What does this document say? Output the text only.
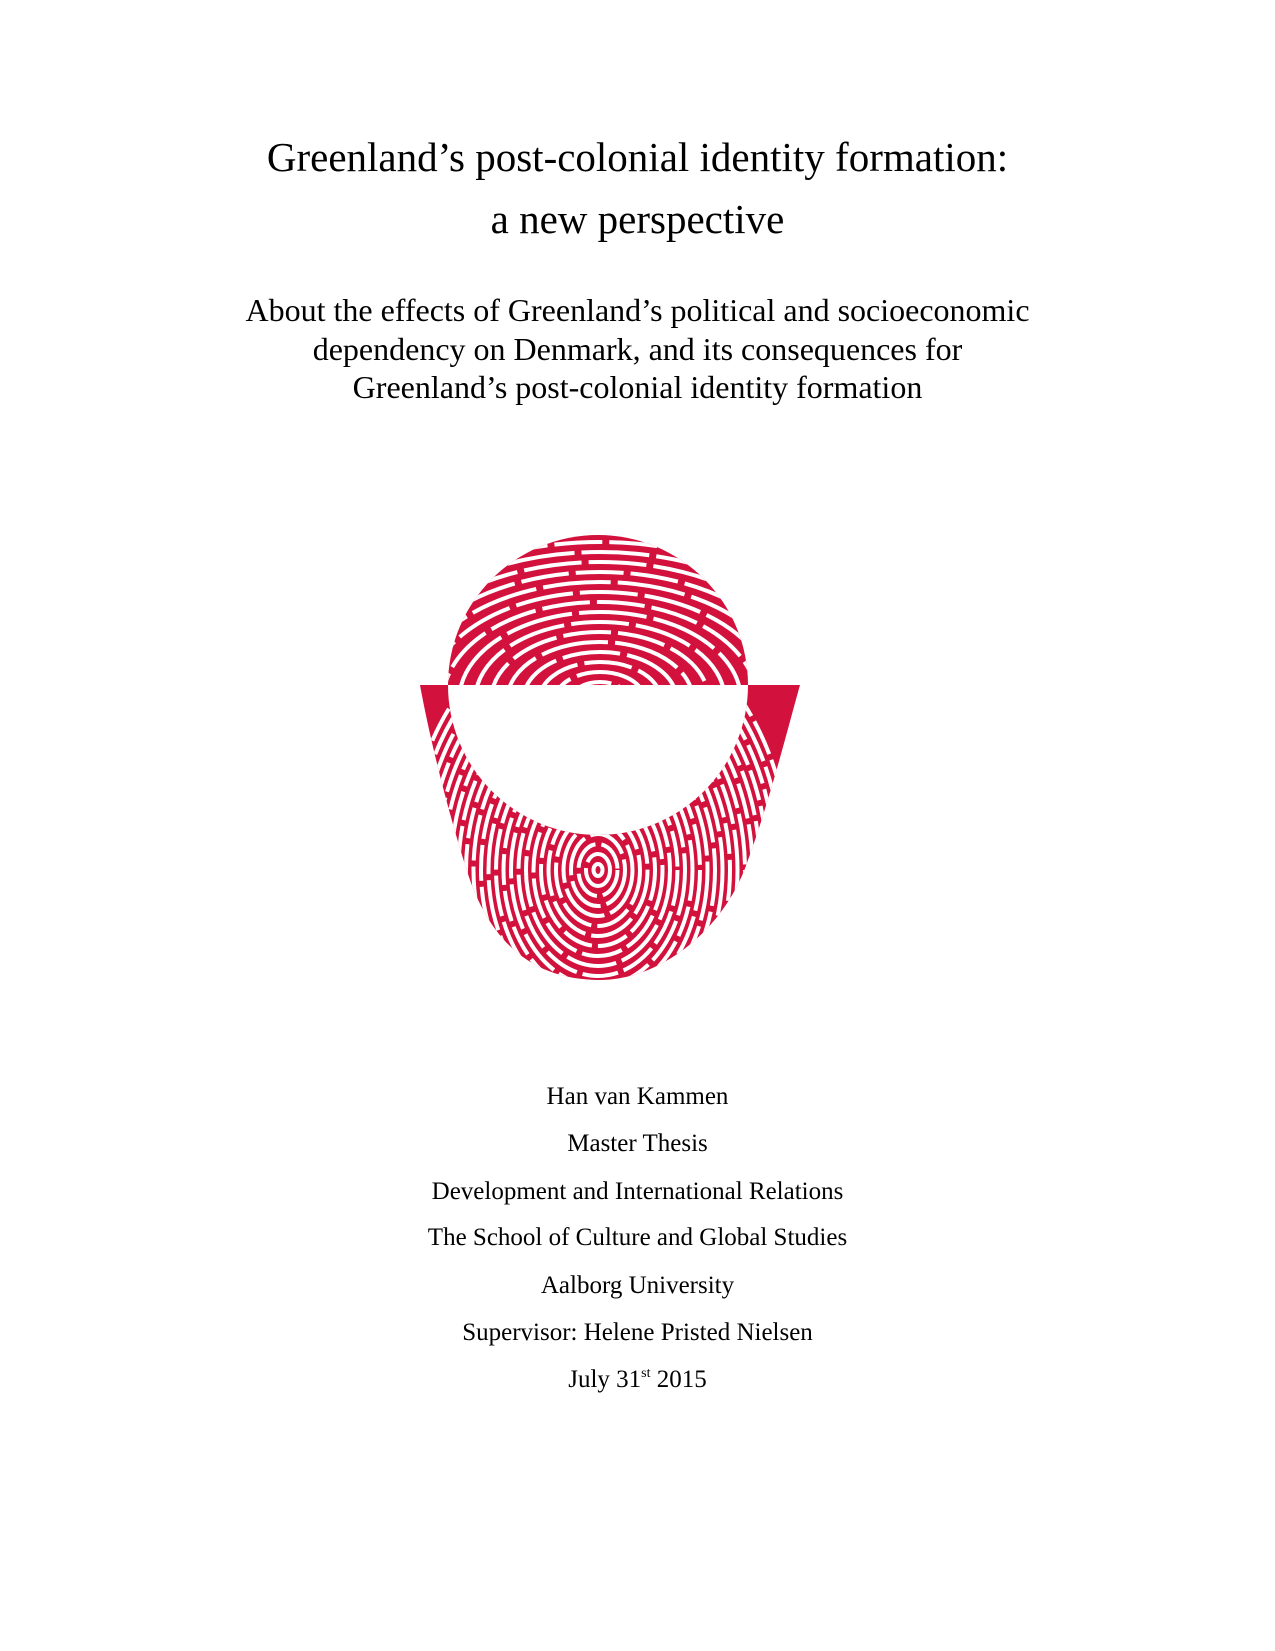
Greenland’s post-colonial identity formation:
a new perspective
About the effects of Greenland’s political and socioeconomic
dependency on Denmark, and its consequences for
Greenland’s post-colonial identity formation
Han van Kammen
Master Thesis
Development and International Relations
The School of Culture and Global Studies
Aalborg University
Supervisor: Helene Pristed Nielsen
July 31st 2015
